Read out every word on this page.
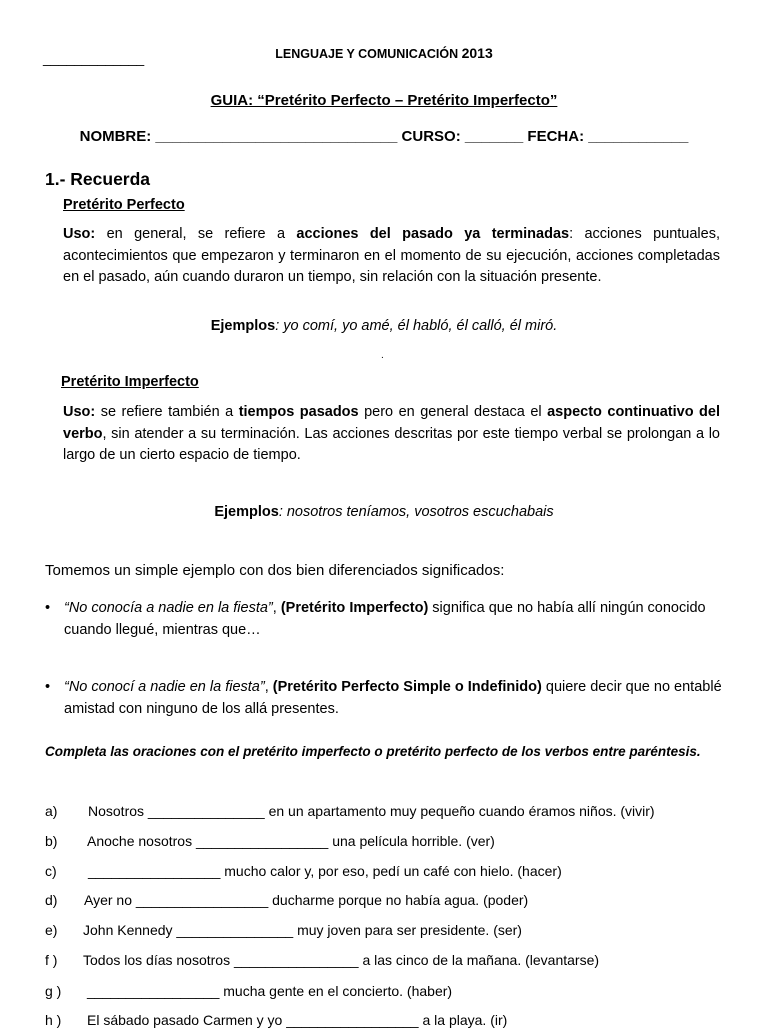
_____________	LENGUAJE Y COMUNICACIÓN 2013
GUIA: “Pretérito Perfecto – Pretérito Imperfecto”
NOMBRE: _____________________________ CURSO: _______ FECHA: ____________
1.- Recuerda
Pretérito Perfecto
Uso: en general, se refiere a acciones del pasado ya terminadas: acciones puntuales, acontecimientos que empezaron y terminaron en el momento de su ejecución, acciones completadas en el pasado, aún cuando duraron un tiempo, sin relación con la situación presente.
Ejemplos: yo comí, yo amé, él habló, él calló, él miró.
.
Pretérito Imperfecto
Uso: se refiere también a tiempos pasados pero en general destaca el aspecto continuativo del verbo, sin atender a su terminación. Las acciones descritas por este tiempo verbal se prolongan a lo largo de un cierto espacio de tiempo.
Ejemplos: nosotros teníamos, vosotros escuchabais
Tomemos un simple ejemplo con dos bien diferenciados significados:
• “No conocía a nadie en la fiesta”, (Pretérito Imperfecto) significa que no había allí ningún conocido cuando llegué, mientras que…
• “No conocí a nadie en la fiesta”, (Pretérito Perfecto Simple o Indefinido) quiere decir que no entablé amistad con ninguno de los allá presentes.
Completa las oraciones con el pretérito imperfecto o pretérito perfecto de los verbos entre paréntesis.
a) Nosotros _______________ en un apartamento muy pequeño cuando éramos niños. (vivir)
b) Anoche nosotros _________________ una película horrible. (ver)
c) _________________ mucho calor y, por eso, pedí un café con hielo. (hacer)
d) Ayer no _________________ ducharme porque no había agua. (poder)
e) John Kennedy _______________ muy joven para ser presidente. (ser)
f ) Todos los días nosotros ________________ a las cinco de la mañana. (levantarse)
g ) _________________ mucha gente en el concierto. (haber)
h ) El sábado pasado Carmen y yo _________________ a la playa. (ir)
